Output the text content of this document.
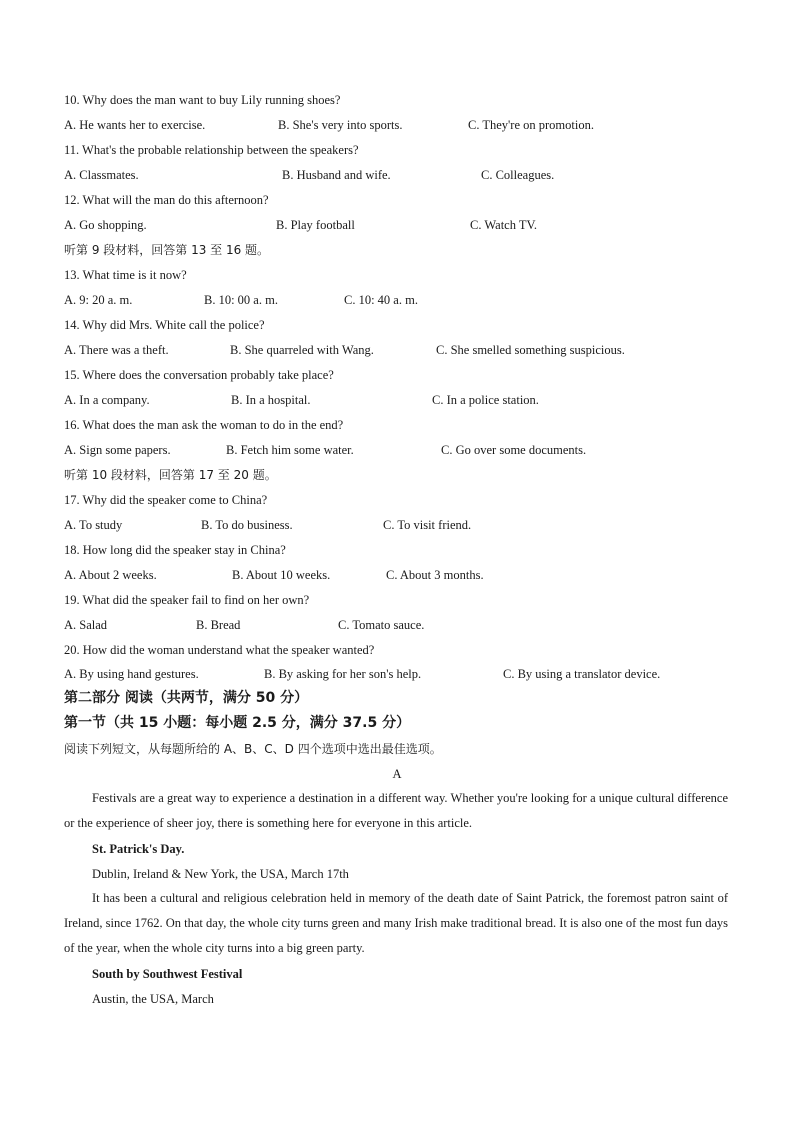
10. Why does the man want to buy Lily running shoes?
A. He wants her to exercise.	B. She's very into sports.	C. They're on promotion.
11. What's the probable relationship between the speakers?
A. Classmates.	B. Husband and wife.	C. Colleagues.
12. What will the man do this afternoon?
A. Go shopping.	B. Play football	C. Watch TV.
听第 9 段材料，回答第 13 至 16 题。
13. What time is it now?
A. 9: 20 a. m.	B. 10: 00 a. m.	C. 10: 40 a. m.
14. Why did Mrs. White call the police?
A. There was a theft.	B. She quarreled with Wang.	C. She smelled something suspicious.
15. Where does the conversation probably take place?
A. In a company.	B. In a hospital.	C. In a police station.
16. What does the man ask the woman to do in the end?
A. Sign some papers.	B. Fetch him some water.	C. Go over some documents.
听第 10 段材料，回答第 17 至 20 题。
17. Why did the speaker come to China?
A. To study	B. To do business.	C. To visit friend.
18. How long did the speaker stay in China?
A. About 2 weeks.	B. About 10 weeks.	C. About 3 months.
19. What did the speaker fail to find on her own?
A. Salad	B. Bread	C. Tomato sauce.
20. How did the woman understand what the speaker wanted?
A. By using hand gestures.	B. By asking for her son's help.	C. By using a translator device.
第二部分 阅读（共两节，满分 50 分）
第一节（共 15 小题：每小题 2.5 分，满分 37.5 分）
阅读下列短文，从每题所给的 A、B、C、D 四个选项中选出最佳选项。
A
Festivals are a great way to experience a destination in a different way. Whether you're looking for a unique cultural difference or the experience of sheer joy, there is something here for everyone in this article.
St. Patrick's Day.
Dublin, Ireland & New York, the USA, March 17th
It has been a cultural and religious celebration held in memory of the death date of Saint Patrick, the foremost patron saint of Ireland, since 1762. On that day, the whole city turns green and many Irish make traditional bread. It is also one of the most fun days of the year, when the whole city turns into a big green party.
South by Southwest Festival
Austin, the USA, March
